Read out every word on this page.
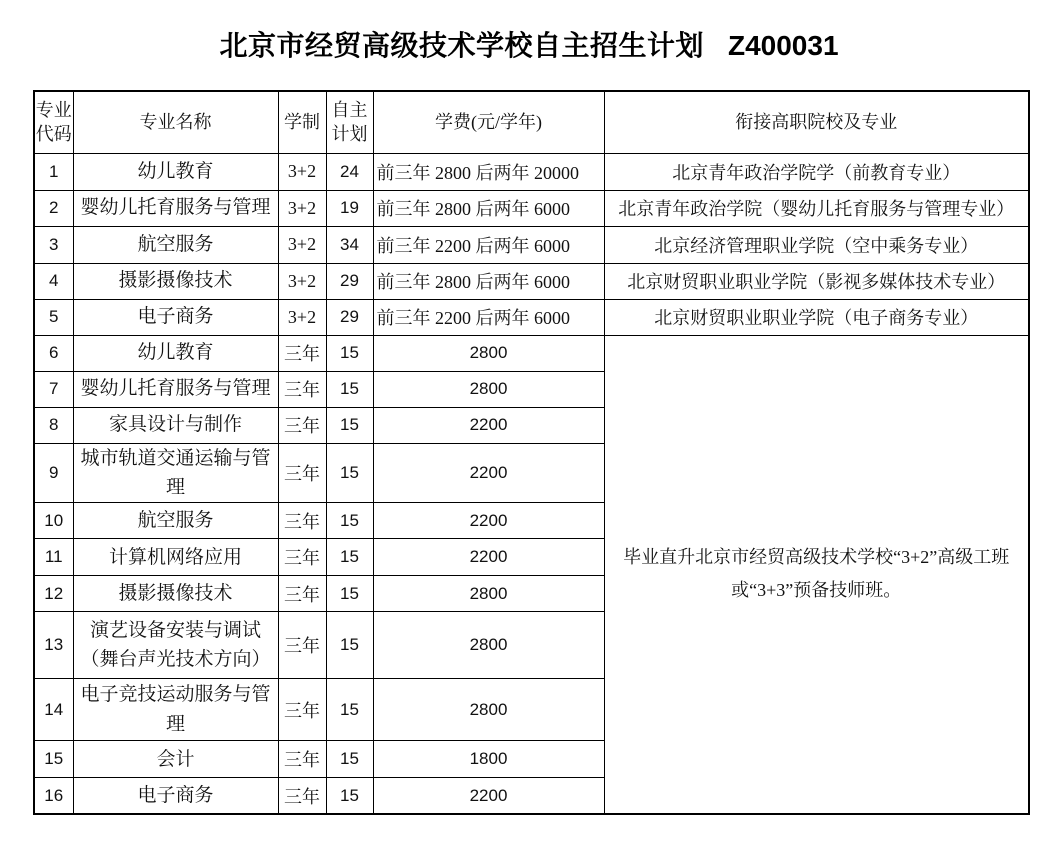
北京市经贸高级技术学校自主招生计划 Z400031
专业代码	专业名称	学制	自主计划	学费(元/学年)	衔接高职院校及专业
1	幼儿教育	3+2	24	前三年 2800 后两年 20000	北京青年政治学院学（前教育专业）
2	婴幼儿托育服务与管理	3+2	19	前三年 2800 后两年 6000	北京青年政治学院（婴幼儿托育服务与管理专业）
3	航空服务	3+2	34	前三年 2200 后两年 6000	北京经济管理职业学院（空中乘务专业）
4	摄影摄像技术	3+2	29	前三年 2800 后两年 6000	北京财贸职业职业学院（影视多媒体技术专业）
5	电子商务	3+2	29	前三年 2200 后两年 6000	北京财贸职业职业学院（电子商务专业）
6	幼儿教育	三年	15	2800	毕业直升北京市经贸高级技术学校“3+2”高级工班或“3+3”预备技师班。

7	婴幼儿托育服务与管理	三年	15	2800	
8	家具设计与制作	三年	15	2200	
9	城市轨道交通运输与管理	三年	15	2200	
10	航空服务	三年	15	2200	
11	计算机网络应用	三年	15	2200	
12	摄影摄像技术	三年	15	2800	
13	演艺设备安装与调试（舞台声光技术方向）	三年	15	2800	
14	电子竞技运动服务与管理	三年	15	2800	
15	会计	三年	15	1800	
16	电子商务	三年	15	2200	
